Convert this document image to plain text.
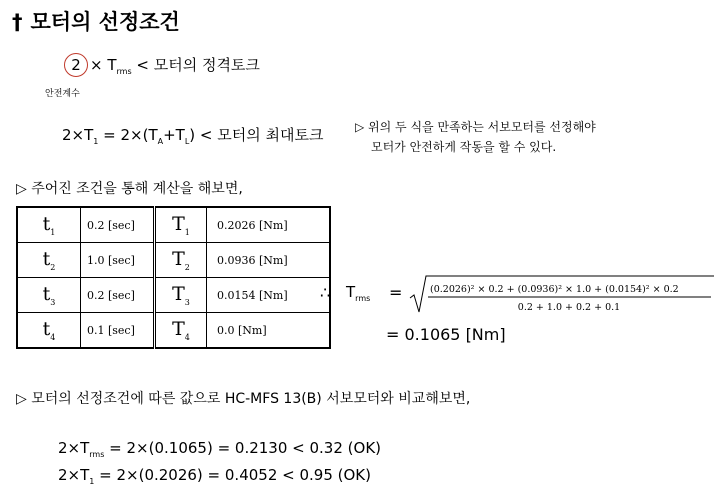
† 모터의 선정조건
$2 \times T_{rms}$ < 모터의 정격토크
안전계수
$2\times T_1 = 2\times(T_A+T_L)$ < 모터의 최대토크	▷ 위의 두 식을 만족하는 서보모터를 선정해야
모터가 안전하게 작동을 할 수 있다.
▷ 주어진 조건을 통해 계산을 해보면,
$t_1$	0.2 [sec]	$T_1$	0.2026 [Nm]
$t_2$	1.0 [sec]	$T_2$	0.0936 [Nm]
$t_3$	0.2 [sec]	$T_3$	0.0154 [Nm]
$t_4$	0.1 [sec]	$T_4$	0.0 [Nm]
∴ $T_{rms}$ =	(0.2026)² × 0.2 + (0.0936)² × 1.0 + (0.0154)² × 0.2
0.2 + 1.0 + 0.2 + 0.1
= 0.1065 [Nm]
▷ 모터의 선정조건에 따른 값으로 HC-MFS 13(B) 서보모터와 비교해보면,
$2\times T_{rms} = 2\times(0.1065) = 0.2130 < 0.32$ (OK)
$2\times T_1 = 2\times(0.2026) = 0.4052 < 0.95$ (OK)
